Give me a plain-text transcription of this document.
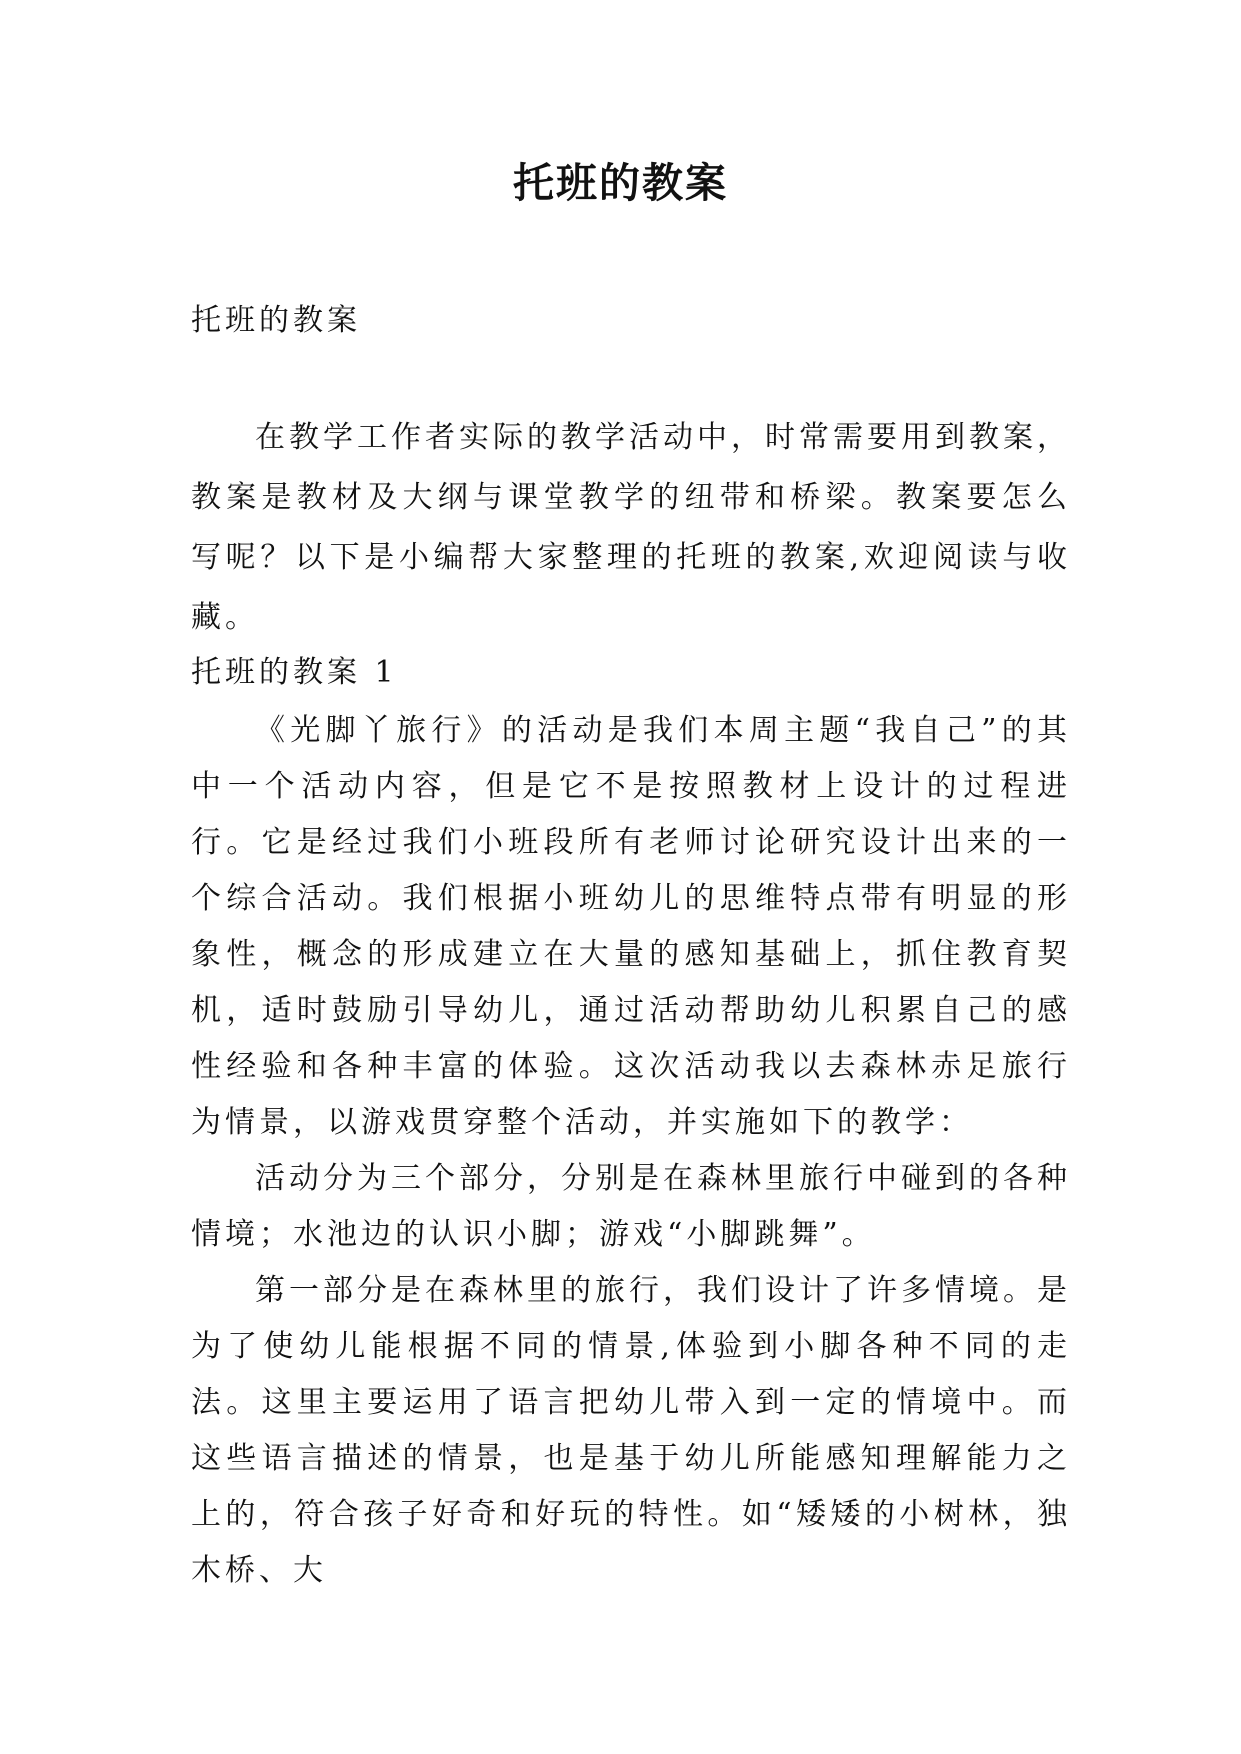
托班的教案

托班的教案

在教学工作者实际的教学活动中，时常需要用到教案，教案是教材及大纲与课堂教学的纽带和桥梁。教案要怎么写呢？以下是小编帮大家整理的托班的教案,欢迎阅读与收藏。

托班的教案 1

《光脚丫旅行》的活动是我们本周主题“我自己”的其中一个活动内容，但是它不是按照教材上设计的过程进行。它是经过我们小班段所有老师讨论研究设计出来的一个综合活动。我们根据小班幼儿的思维特点带有明显的形象性，概念的形成建立在大量的感知基础上，抓住教育契机，适时鼓励引导幼儿，通过活动帮助幼儿积累自己的感性经验和各种丰富的体验。这次活动我以去森林赤足旅行为情景，以游戏贯穿整个活动，并实施如下的教学：

活动分为三个部分，分别是在森林里旅行中碰到的各种情境；水池边的认识小脚；游戏“小脚跳舞”。

第一部分是在森林里的旅行，我们设计了许多情境。是为了使幼儿能根据不同的情景,体验到小脚各种不同的走法。这里主要运用了语言把幼儿带入到一定的情境中。而这些语言描述的情景，也是基于幼儿所能感知理解能力之上的，符合孩子好奇和好玩的特性。如“矮矮的小树林，独木桥、大
